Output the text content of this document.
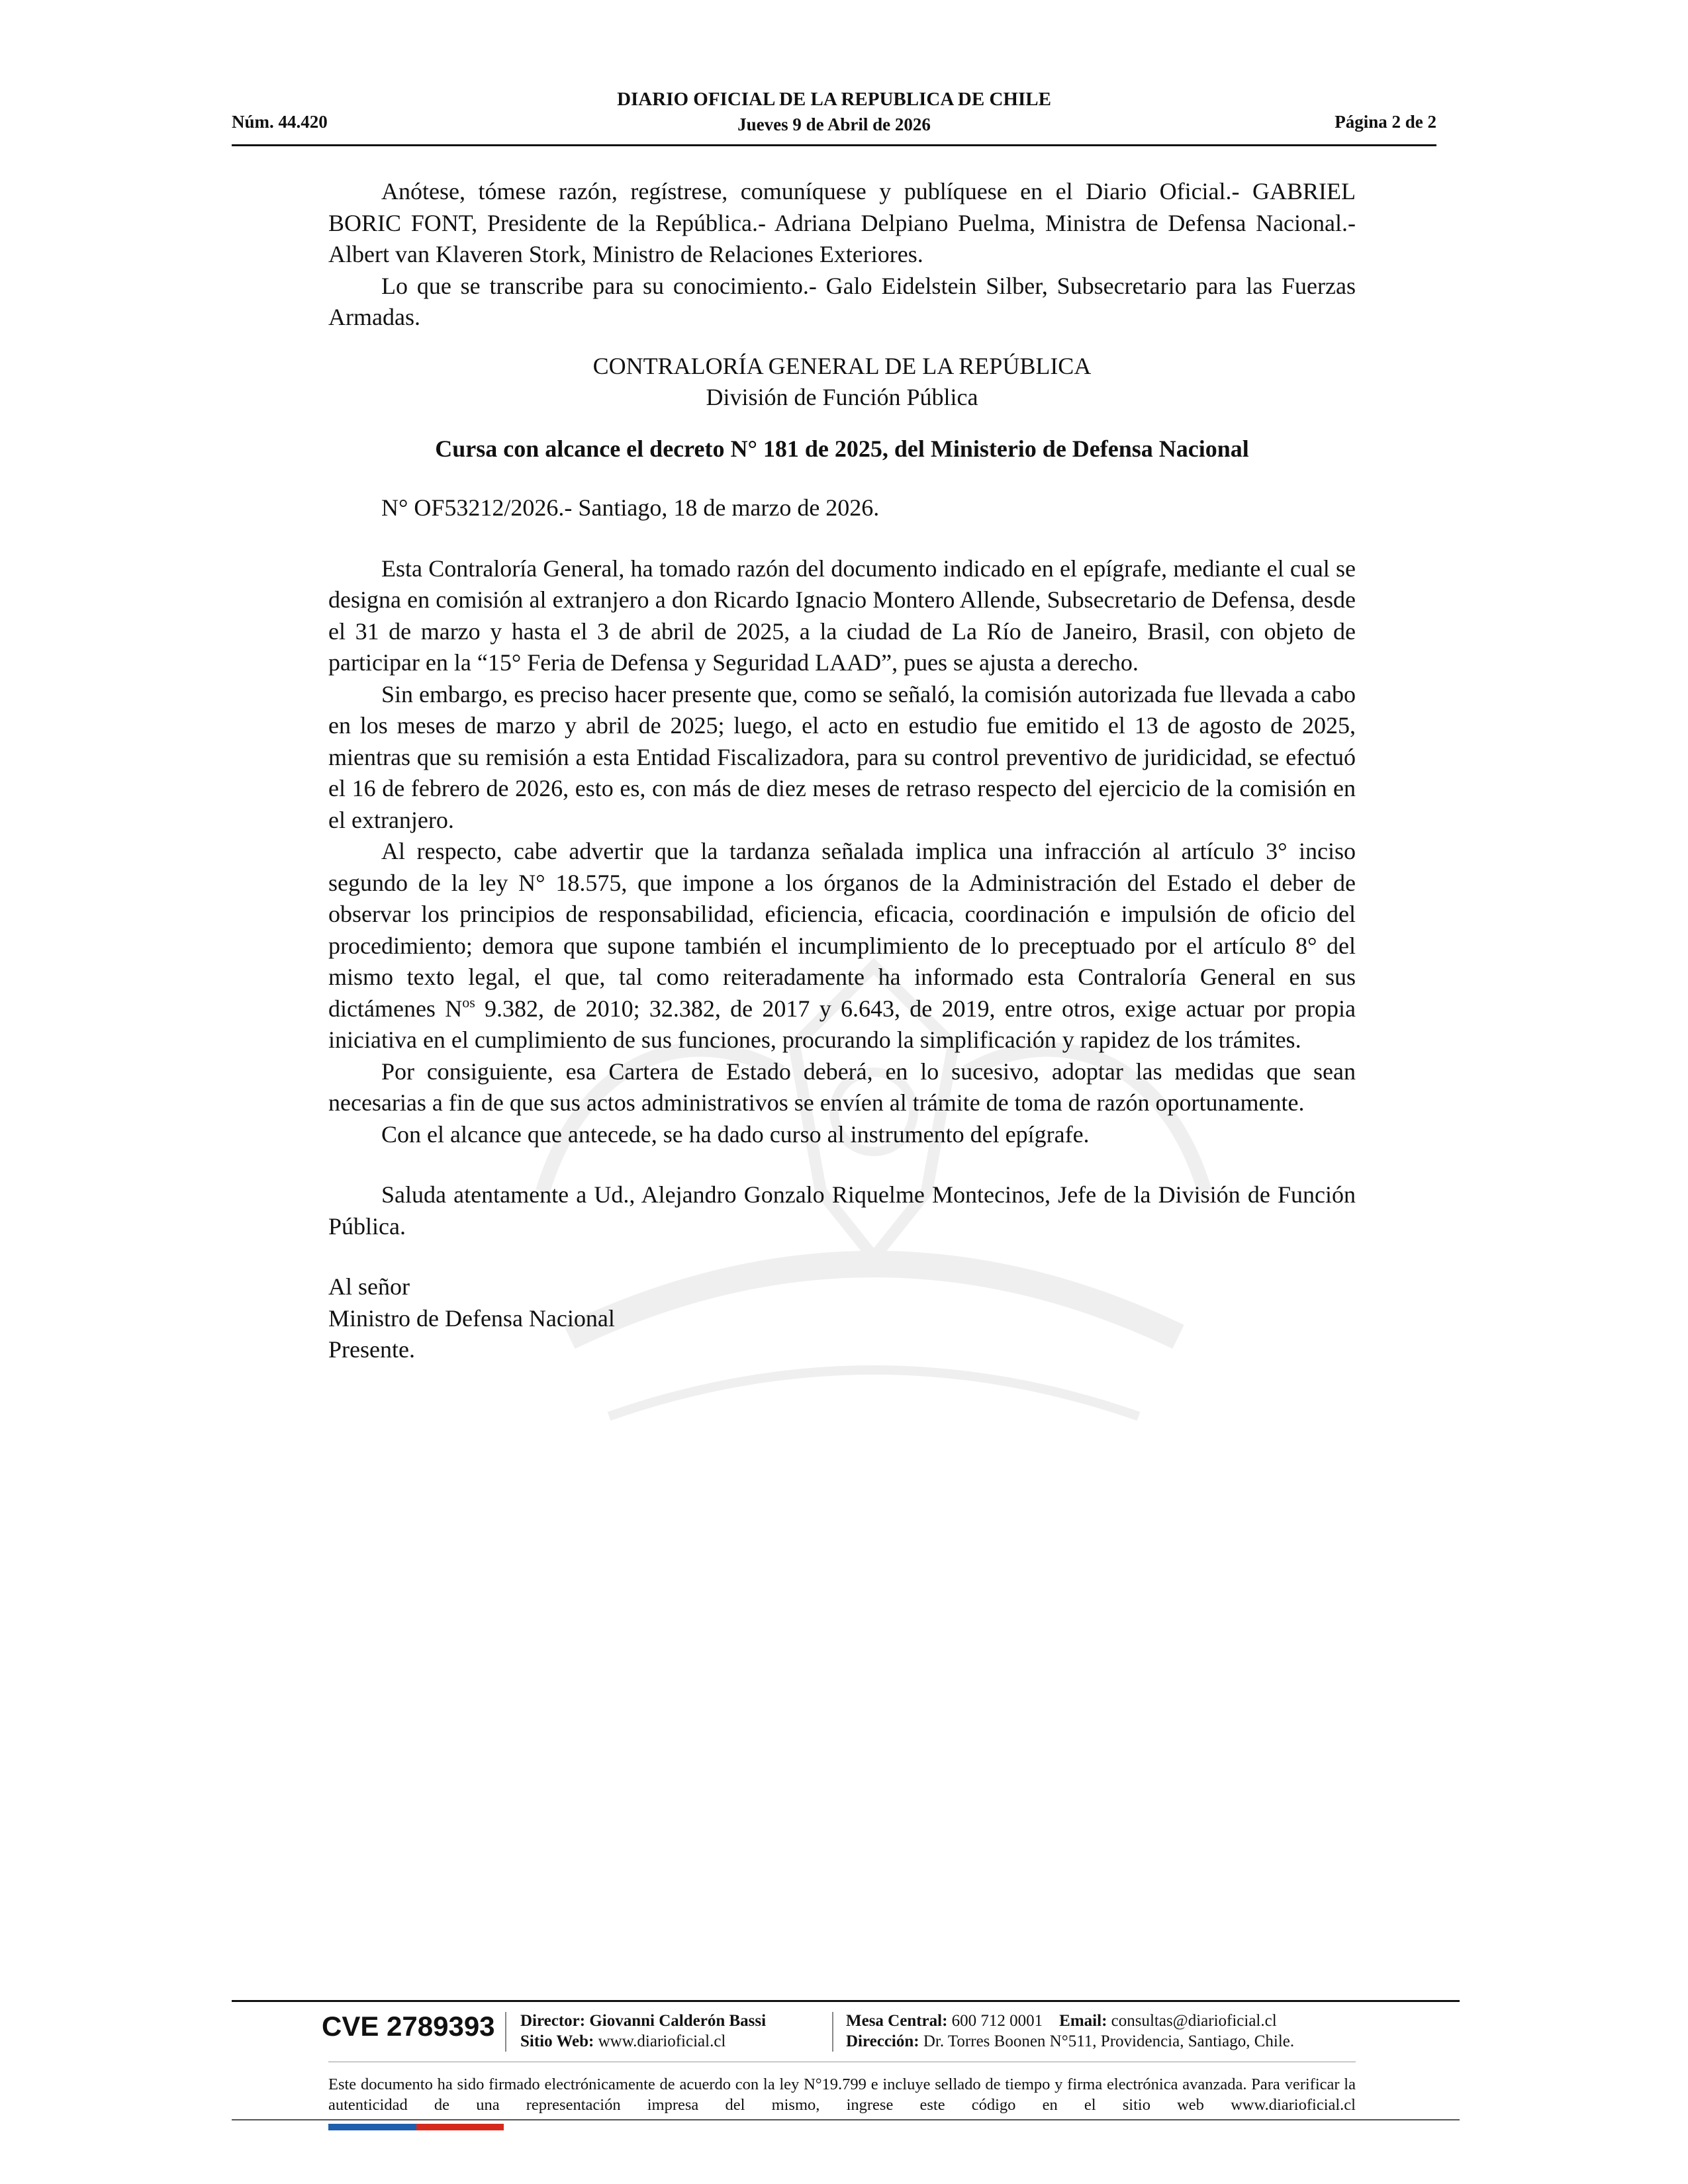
Núm. 44.420
DIARIO OFICIAL DE LA REPUBLICA DE CHILE
Jueves 9 de Abril de 2026	Página 2 de 2

Anótese, tómese razón, regístrese, comuníquese y publíquese en el Diario Oficial.- GABRIEL BORIC FONT, Presidente de la República.- Adriana Delpiano Puelma, Ministra de Defensa Nacional.- Albert van Klaveren Stork, Ministro de Relaciones Exteriores.

Lo que se transcribe para su conocimiento.- Galo Eidelstein Silber, Subsecretario para las Fuerzas Armadas.

CONTRALORÍA GENERAL DE LA REPÚBLICA

División de Función Pública

Cursa con alcance el decreto N° 181 de 2025, del Ministerio de Defensa Nacional

N° OF53212/2026.- Santiago, 18 de marzo de 2026.

Esta Contraloría General, ha tomado razón del documento indicado en el epígrafe, mediante el cual se designa en comisión al extranjero a don Ricardo Ignacio Montero Allende, Subsecretario de Defensa, desde el 31 de marzo y hasta el 3 de abril de 2025, a la ciudad de La Río de Janeiro, Brasil, con objeto de participar en la “15° Feria de Defensa y Seguridad LAAD”, pues se ajusta a derecho.

Sin embargo, es preciso hacer presente que, como se señaló, la comisión autorizada fue llevada a cabo en los meses de marzo y abril de 2025; luego, el acto en estudio fue emitido el 13 de agosto de 2025, mientras que su remisión a esta Entidad Fiscalizadora, para su control preventivo de juridicidad, se efectuó el 16 de febrero de 2026, esto es, con más de diez meses de retraso respecto del ejercicio de la comisión en el extranjero.

Al respecto, cabe advertir que la tardanza señalada implica una infracción al artículo 3° inciso segundo de la ley N° 18.575, que impone a los órganos de la Administración del Estado el deber de observar los principios de responsabilidad, eficiencia, eficacia, coordinación e impulsión de oficio del procedimiento; demora que supone también el incumplimiento de lo preceptuado por el artículo 8° del mismo texto legal, el que, tal como reiteradamente ha informado esta Contraloría General en sus dictámenes $N^{os}$ 9.382, de 2010; 32.382, de 2017 y 6.643, de 2019, entre otros, exige actuar por propia iniciativa en el cumplimiento de sus funciones, procurando la simplificación y rapidez de los trámites.

Por consiguiente, esa Cartera de Estado deberá, en lo sucesivo, adoptar las medidas que sean necesarias a fin de que sus actos administrativos se envíen al trámite de toma de razón oportunamente.

Con el alcance que antecede, se ha dado curso al instrumento del epígrafe.

Saluda atentamente a Ud., Alejandro Gonzalo Riquelme Montecinos, Jefe de la División de Función Pública.

Al señor

Ministro de Defensa Nacional

Presente.

CVE 2789393 Director: Giovanni Calderón Bassi
Sitio Web: www.diarioficial.cl
Mesa Central: 600 712 0001 Email: consultas@diarioficial.cl
Dirección: Dr. Torres Boonen N°511, Providencia, Santiago, Chile.
Este documento ha sido firmado electrónicamente de acuerdo con la ley N°19.799 e incluye sellado de tiempo y firma electrónica avanzada. Para verificar la autenticidad de una representación impresa del mismo, ingrese este código en el sitio web www.diarioficial.cl
